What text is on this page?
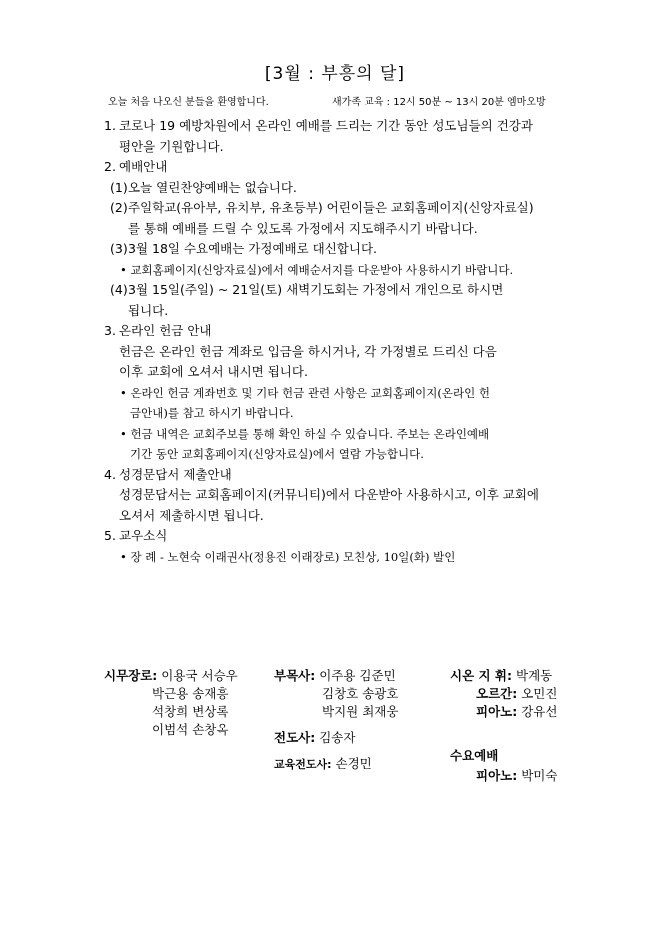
[3월 : 부흥의 달]
오늘 처음 나오신 분들을 환영합니다.	새가족 교육 : 12시 50분 ~ 13시 20분 엠마오방
1. 코로나 19 예방차원에서 온라인 예배를 드리는 기간 동안 성도님들의 건강과
평안을 기원합니다.
2. 예배안내
(1)오늘 열린찬양예배는 없습니다.
(2)주일학교(유아부, 유치부, 유초등부) 어린이들은 교회홈페이지(신앙자료실)
를 통해 예배를 드릴 수 있도록 가정에서 지도해주시기 바랍니다.
(3)3월 18일 수요예배는 가정예배로 대신합니다.
• 교회홈페이지(신앙자료실)에서 예배순서지를 다운받아 사용하시기 바랍니다.
(4)3월 15일(주일) ~ 21일(토) 새벽기도회는 가정에서 개인으로 하시면
됩니다.
3. 온라인 헌금 안내
헌금은 온라인 헌금 계좌로 입금을 하시거나, 각 가정별로 드리신 다음
이후 교회에 오셔서 내시면 됩니다.
• 온라인 헌금 계좌번호 및 기타 헌금 관련 사항은 교회홈페이지(온라인 헌
금안내)를 참고 하시기 바랍니다.
• 헌금 내역은 교회주보를 통해 확인 하실 수 있습니다. 주보는 온라인예배
기간 동안 교회홈페이지(신앙자료실)에서 열람 가능합니다.
4. 성경문답서 제출안내
성경문답서는 교회홈페이지(커뮤니티)에서 다운받아 사용하시고, 이후 교회에
오셔서 제출하시면 됩니다.
5. 교우소식
• 장 례 - 노현숙 이래권사(정용진 이래장로) 모친상, 10일(화) 발인
시무장로: 이용국 서승우
박근용 송재흥
석창희 변상록
이범석 손창옥
부목사: 이주용 김준민
김창호 송광호
박지원 최재웅
전도사: 김송자
교육전도사: 손경민
시온 지 휘: 박계동
오르간: 오민진
피아노: 강유선
수요예배
피아노: 박미숙
